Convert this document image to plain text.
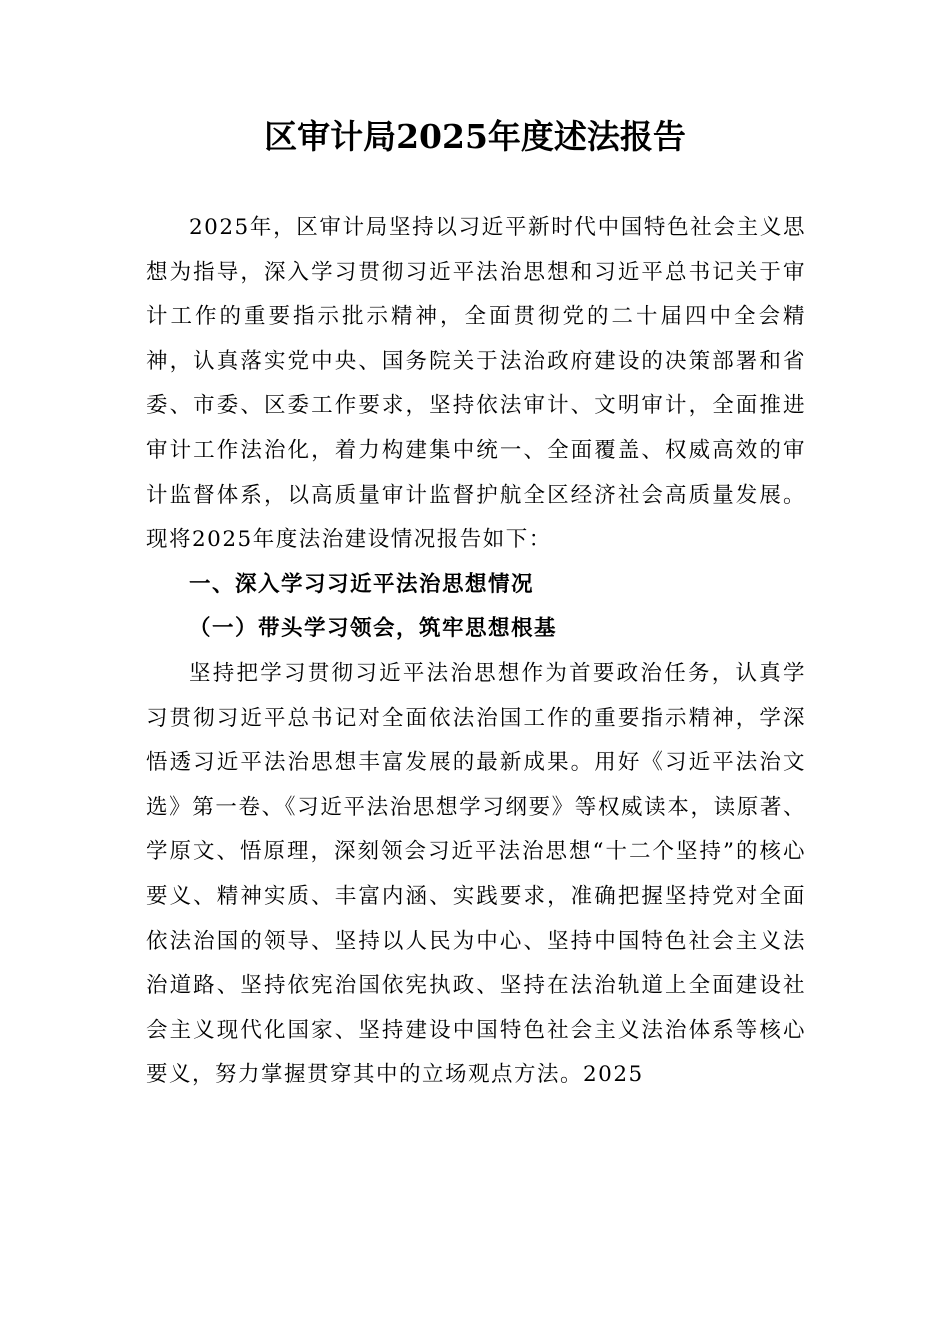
区审计局2025年度述法报告

2025年，区审计局坚持以习近平新时代中国特色社会主义思想为指导，深入学习贯彻习近平法治思想和习近平总书记关于审计工作的重要指示批示精神，全面贯彻党的二十届四中全会精神，认真落实党中央、国务院关于法治政府建设的决策部署和省委、市委、区委工作要求，坚持依法审计、文明审计，全面推进审计工作法治化，着力构建集中统一、全面覆盖、权威高效的审计监督体系，以高质量审计监督护航全区经济社会高质量发展。现将2025年度法治建设情况报告如下：

一、深入学习习近平法治思想情况

（一）带头学习领会，筑牢思想根基

坚持把学习贯彻习近平法治思想作为首要政治任务，认真学习贯彻习近平总书记对全面依法治国工作的重要指示精神，学深悟透习近平法治思想丰富发展的最新成果。用好《习近平法治文选》第一卷、《习近平法治思想学习纲要》等权威读本，读原著、学原文、悟原理，深刻领会习近平法治思想“十二个坚持”的核心要义、精神实质、丰富内涵、实践要求，准确把握坚持党对全面依法治国的领导、坚持以人民为中心、坚持中国特色社会主义法治道路、坚持依宪治国依宪执政、坚持在法治轨道上全面建设社会主义现代化国家、坚持建设中国特色社会主义法治体系等核心要义，努力掌握贯穿其中的立场观点方法。2025
